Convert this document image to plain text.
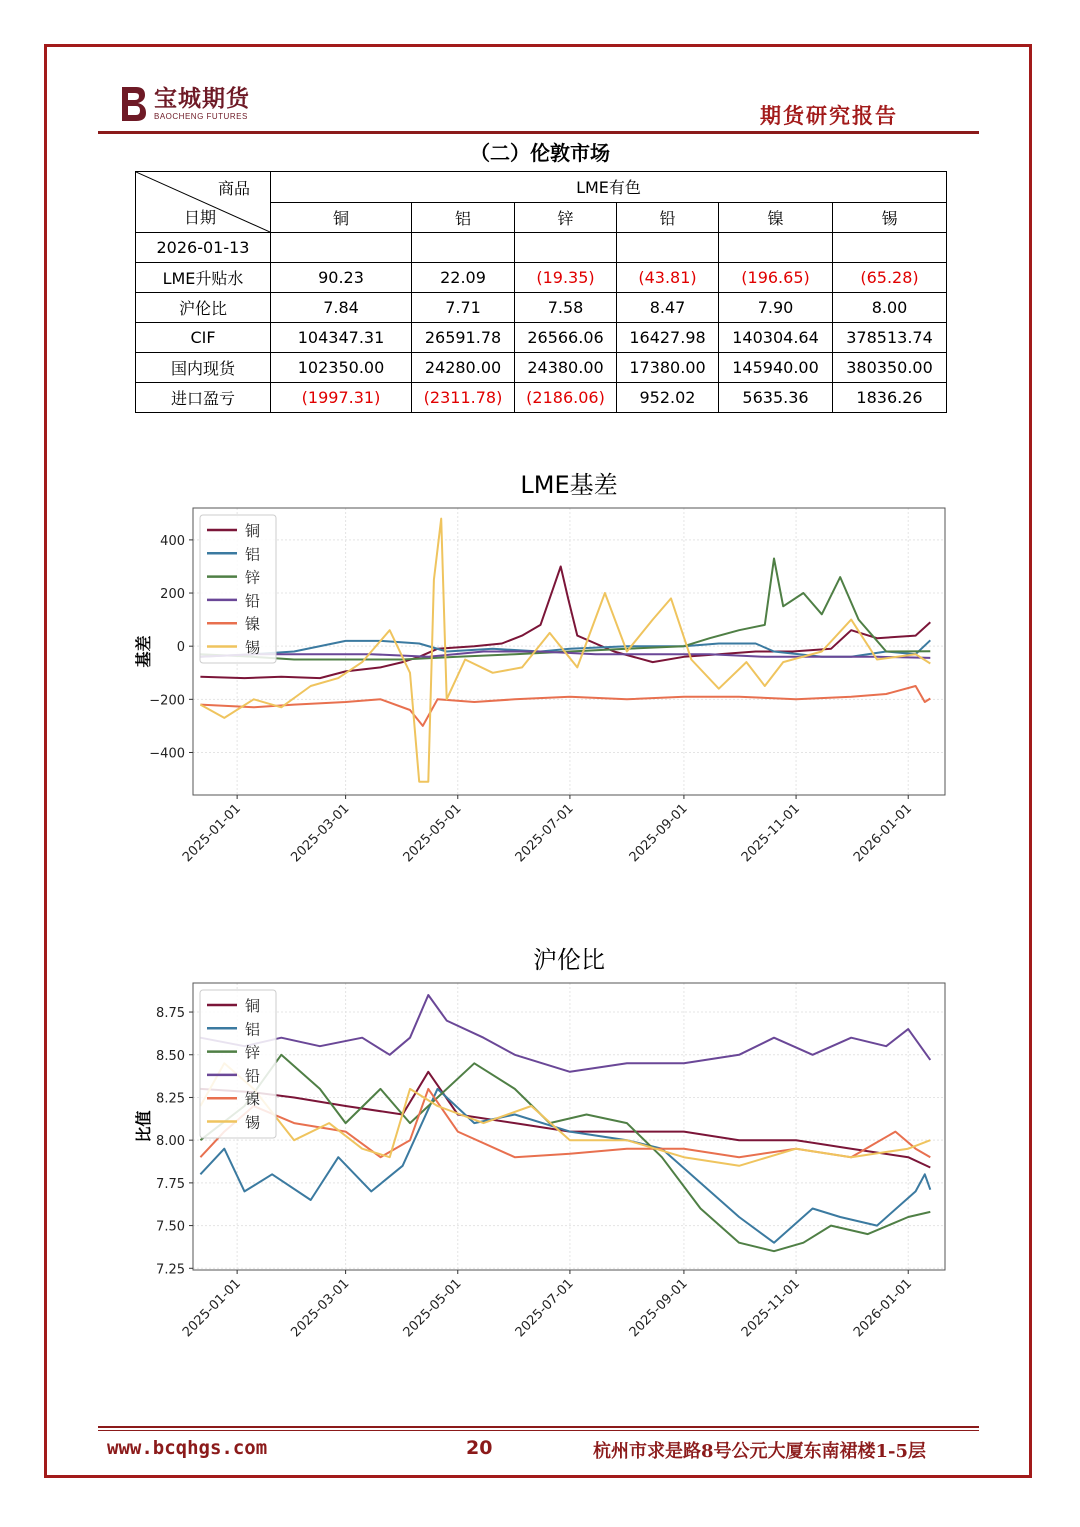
宝城期货
BAOCHENG FUTURES	期货研究报告
（二）伦敦市场
商品
日期	LME有色					
	铜	铝	锌	铅	镍	锡
2026-01-13						
LME升贴水	90.23	22.09	(19.35)	(43.81)	(196.65)	(65.28)
沪伦比	7.84	7.71	7.58	8.47	7.90	8.00
CIF	104347.31	26591.78	26566.06	16427.98	140304.64	378513.74
国内现货	102350.00	24280.00	24380.00	17380.00	145940.00	380350.00
进口盈亏	(1997.31)	(2311.78)	(2186.06)	952.02	5635.36	1836.26
LME基差
400
200
0
−200
−400
2025-01-01	2025-03-01	2025-05-01	2025-07-01	2025-09-01	2025-11-01	2026-01-01
基差
铜
铝
锌
铅
镍
锡
沪伦比
8.75
8.50
8.25
8.00
7.75
7.50
7.25
2025-01-01	2025-03-01	2025-05-01	2025-07-01	2025-09-01	2025-11-01	2026-01-01
比值
铜
铝
锌
铅
镍
锡
www.bcqhgs.com	20	杭州市求是路8号公元大厦东南裙楼1-5层
